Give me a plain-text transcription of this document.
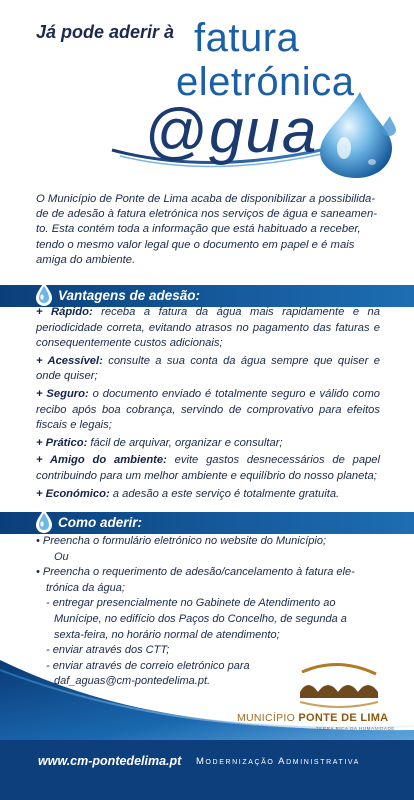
Já pode aderir à fatura
eletrónica
@gua
O Município de Ponte de Lima acaba de disponibilizar a possibilida-
de de adesão à fatura eletrónica nos serviços de água e saneamen-
to. Esta contém toda a informação que está habituado a receber,
tendo o mesmo valor legal que o documento em papel e é mais
amiga do ambiente.
Vantagens de adesão:
+ Rápido: receba a fatura da água mais rapidamente e na periodicidade correta, evitando atrasos no pagamento das faturas e consequentemente custos adicionais;
+ Acessível: consulte a sua conta da água sempre que quiser e onde quiser;
+ Seguro: o documento enviado é totalmente seguro e válido como recibo após boa cobrança, servindo de comprovativo para efeitos fiscais e legais;
+ Prático: fácil de arquivar, organizar e consultar;
+ Amigo do ambiente: evite gastos desnecessários de papel contribuindo para um melhor ambiente e equilíbrio do nosso planeta;
+ Económico: a adesão a este serviço é totalmente gratuita.
Como aderir:
• Preencha o formulário eletrónico no website do Município;
Ou
• Preencha o requerimento de adesão/cancelamento à fatura ele-
trónica da água;
- entregar presencialmente no Gabinete de Atendimento ao
Munícipe, no edifício dos Paços do Concelho, de segunda a
sexta-feira, no horário normal de atendimento;
- enviar através dos CTT;
- enviar através de correio eletrónico para
daf_aguas@cm-pontedelima.pt.
MUNICÍPIO PONTE DE LIMA
TERRA RICA DA HUMANIDADE
www.cm-pontedelima.pt Modernização Administrativa
